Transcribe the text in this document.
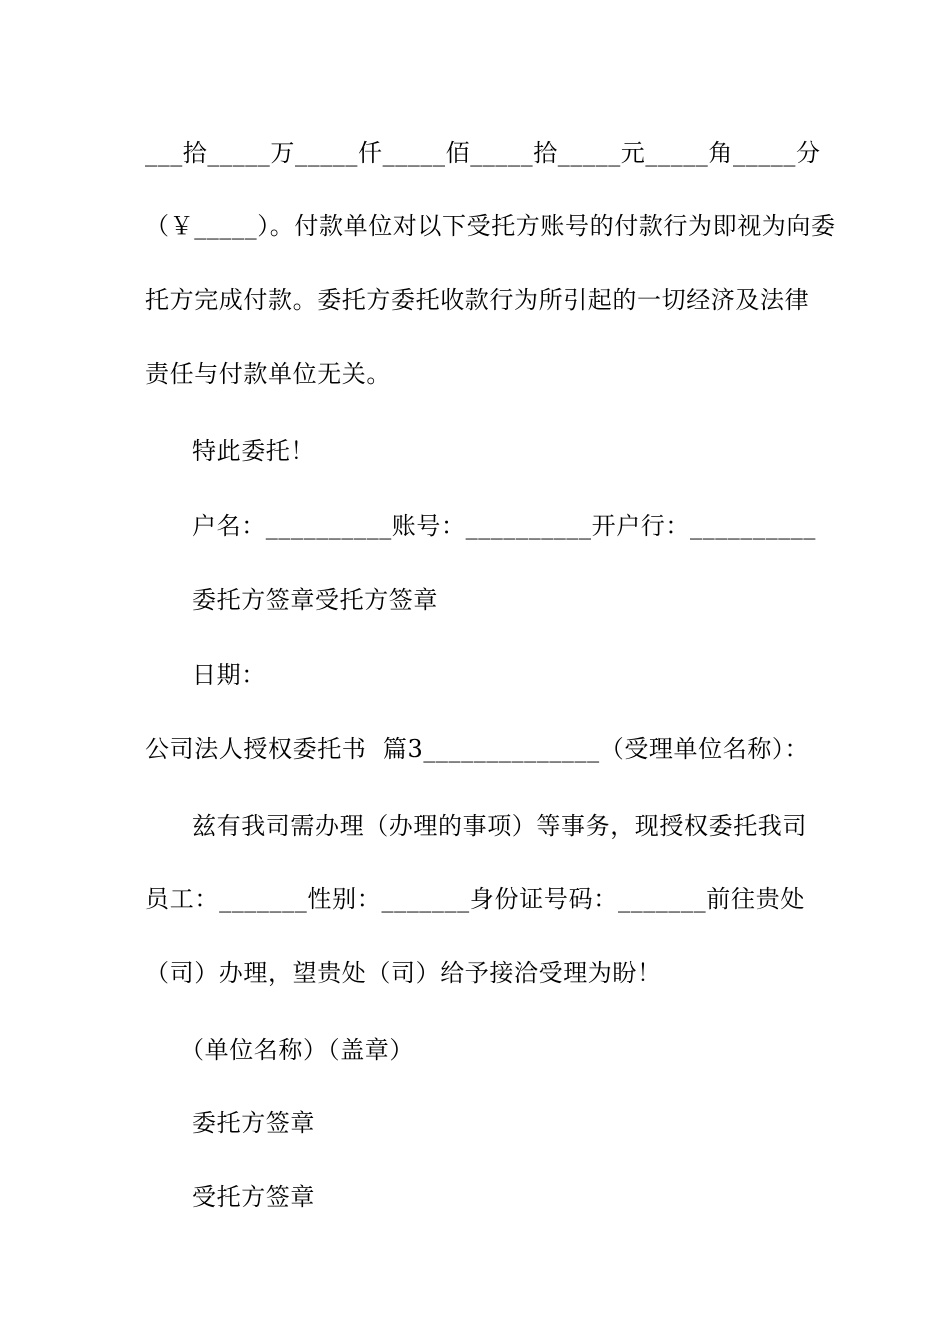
___拾_____万_____仟_____佰_____拾_____元_____角_____分
（￥_____）。付款单位对以下受托方账号的付款行为即视为向委
托方完成付款。委托方委托收款行为所引起的一切经济及法律
责任与付款单位无关。
特此委托！
户名：__________账号：__________开户行：__________
委托方签章受托方签章
日期：
公司法人授权委托书  篇3______________（受理单位名称）：
兹有我司需办理（办理的事项）等事务，现授权委托我司
员工：_______性别：_______身份证号码：_______前往贵处
（司）办理，望贵处（司）给予接洽受理为盼！
（单位名称）（盖章）
委托方签章
受托方签章
